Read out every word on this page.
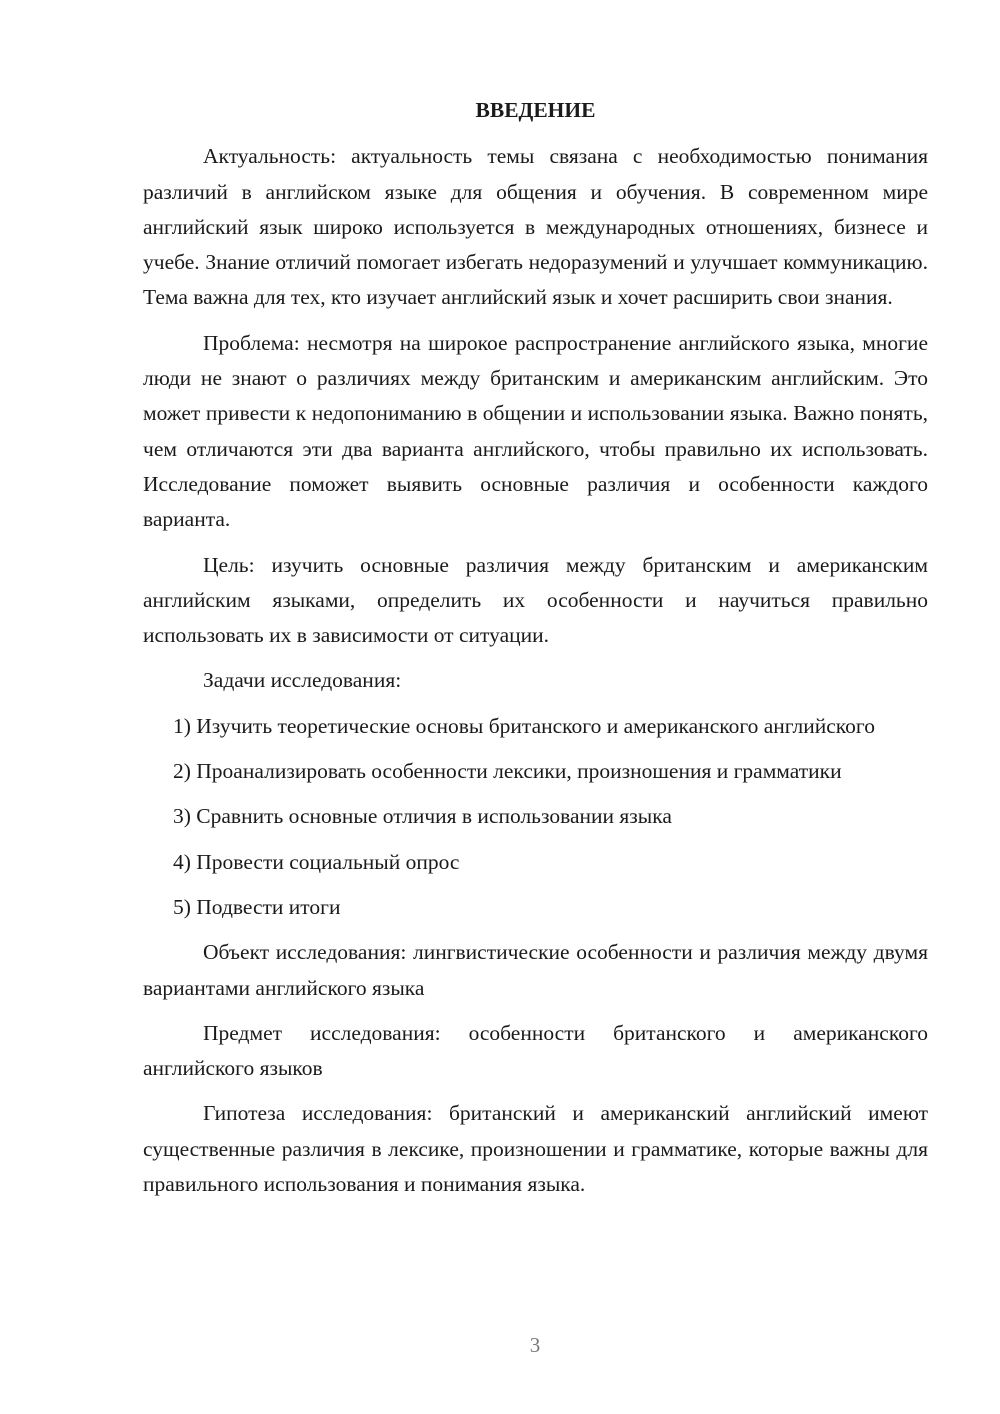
ВВЕДЕНИЕ

Актуальность: актуальность темы связана с необходимостью понимания различий в английском языке для общения и обучения. В современном мире английский язык широко используется в международных отношениях, бизнесе и учебе. Знание отличий помогает избегать недоразумений и улучшает коммуникацию. Тема важна для тех, кто изучает английский язык и хочет расширить свои знания.

Проблема: несмотря на широкое распространение английского языка, многие люди не знают о различиях между британским и американским английским. Это может привести к недопониманию в общении и использовании языка. Важно понять, чем отличаются эти два варианта английского, чтобы правильно их использовать. Исследование поможет выявить основные различия и особенности каждого варианта.

Цель: изучить основные различия между британским и американским английским языками, определить их особенности и научиться правильно использовать их в зависимости от ситуации.

Задачи исследования:

1) Изучить теоретические основы британского и американского английского

2) Проанализировать особенности лексики, произношения и грамматики

3) Сравнить основные отличия в использовании языка

4) Провести социальный опрос

5) Подвести итоги

Объект исследования: лингвистические особенности и различия между двумя вариантами английского языка

Предмет исследования: особенности британского и американского английского языков

Гипотеза исследования: британский и американский английский имеют существенные различия в лексике, произношении и грамматике, которые важны для правильного использования и понимания языка.

3
